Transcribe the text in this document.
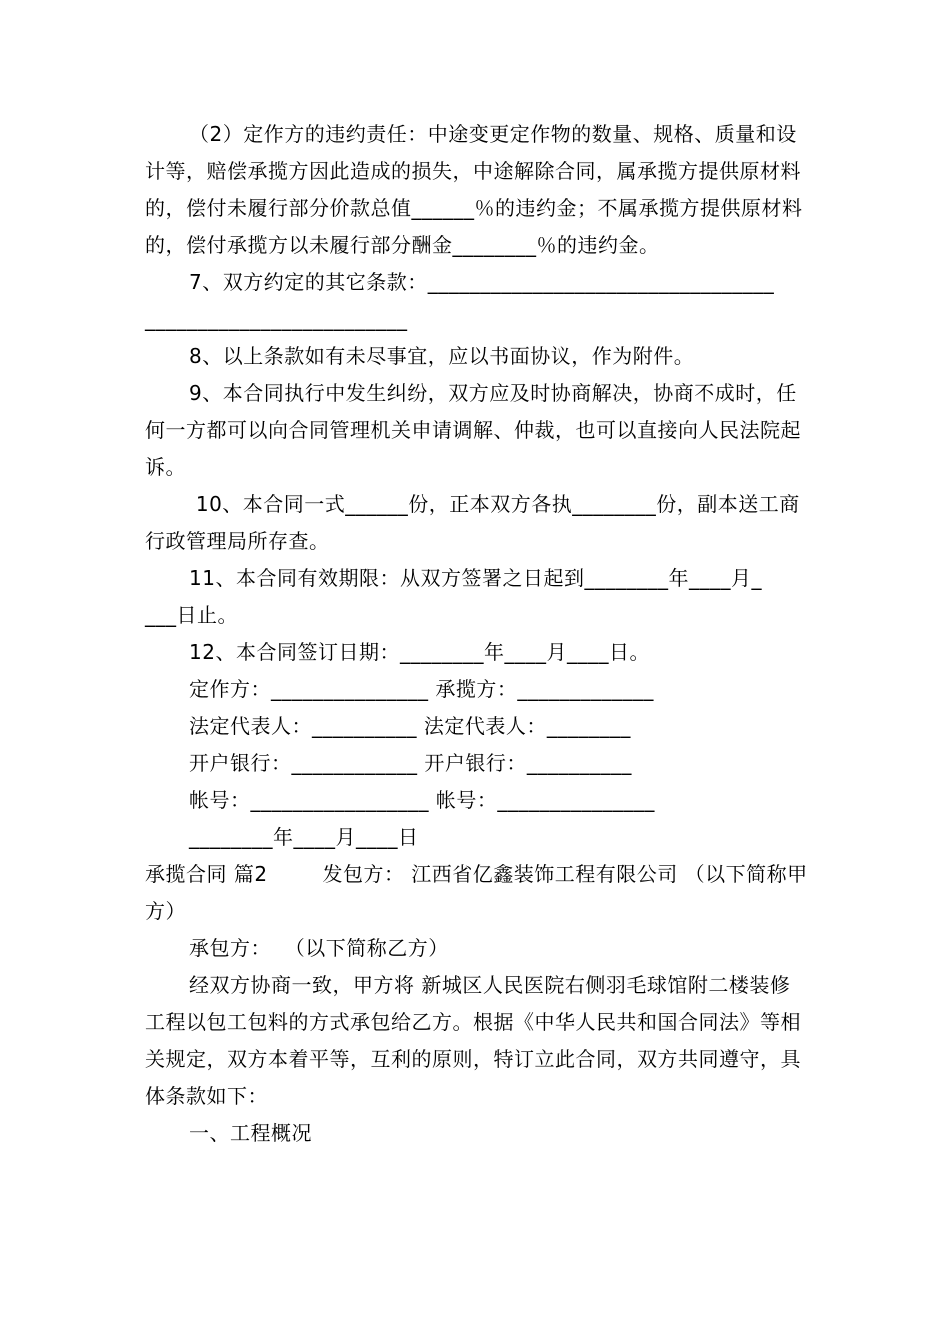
（2）定作方的违约责任：中途变更定作物的数量、规格、质量和设计等，赔偿承揽方因此造成的损失，中途解除合同，属承揽方提供原材料的，偿付未履行部分价款总值______％的违约金；不属承揽方提供原材料的，偿付承揽方以未履行部分酬金________％的违约金。

7、双方约定的其它条款：_________________________________
_________________________

8、以上条款如有未尽事宜，应以书面协议，作为附件。

9、本合同执行中发生纠纷，双方应及时协商解决，协商不成时，任何一方都可以向合同管理机关申请调解、仲裁，也可以直接向人民法院起诉。

10、本合同一式______份，正本双方各执________份，副本送工商行政管理局所存查。

11、本合同有效期限：从双方签署之日起到________年____月_
___日止。

12、本合同签订日期：________年____月____日。

定作方：_______________ 承揽方：_____________

法定代表人：__________ 法定代表人：________

开户银行：____________ 开户银行：__________

帐号：_________________ 帐号：_______________

________年____月____日

承揽合同 篇2        发包方： 江西省亿鑫装饰工程有限公司 （以下简称甲方）

承包方：  （以下简称乙方）

经双方协商一致，甲方将 新城区人民医院右侧羽毛球馆附二楼装修 工程以包工包料的方式承包给乙方。根据《中华人民共和国合同法》等相关规定，双方本着平等，互利的原则，特订立此合同，双方共同遵守，具体条款如下：

一、工程概况
